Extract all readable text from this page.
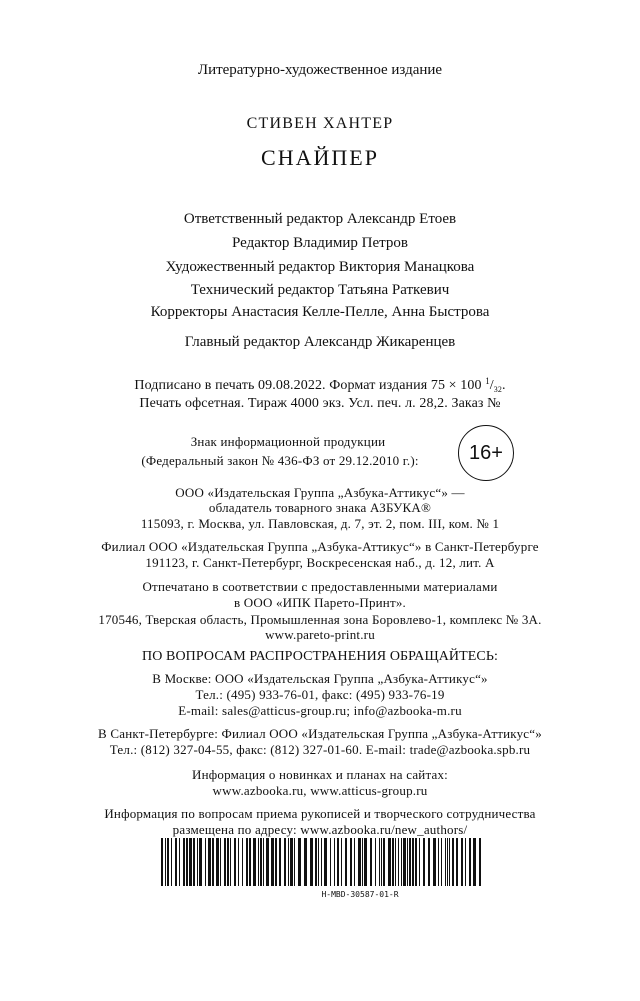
Литературно-художественное издание
СТИВЕН ХАНТЕР
СНАЙПЕР
Ответственный редактор Александр Етоев
Редактор Владимир Петров
Художественный редактор Виктория Манацкова
Технический редактор Татьяна Раткевич
Корректоры Анастасия Келле-Пелле, Анна Быстрова
Главный редактор Александр Жикаренцев
Подписано в печать 09.08.2022. Формат издания 75 × 100 $^1/_{32}$.
Печать офсетная. Тираж 4000 экз. Усл. печ. л. 28,2. Заказ №
Знак информационной продукции
(Федеральный закон № 436-ФЗ от 29.12.2010 г.):	16+
ООО «Издательская Группа „Азбука-Аттикус“» —
обладатель товарного знака АЗБУКА®
115093, г. Москва, ул. Павловская, д. 7, эт. 2, пом. III, ком. № 1
Филиал ООО «Издательская Группа „Азбука-Аттикус“» в Санкт-Петербурге
191123, г. Санкт-Петербург, Воскресенская наб., д. 12, лит. А
Отпечатано в соответствии с предоставленными материалами
в ООО «ИПК Парето-Принт».
170546, Тверская область, Промышленная зона Боровлево-1, комплекс № 3А.
www.pareto-print.ru
ПО ВОПРОСАМ РАСПРОСТРАНЕНИЯ ОБРАЩАЙТЕСЬ:
В Москве: ООО «Издательская Группа „Азбука-Аттикус“»
Тел.: (495) 933-76-01, факс: (495) 933-76-19
E-mail: sales@atticus-group.ru; info@azbooka-m.ru
В Санкт-Петербурге: Филиал ООО «Издательская Группа „Азбука-Аттикус“»
Тел.: (812) 327-04-55, факс: (812) 327-01-60. E-mail: trade@azbooka.spb.ru
Информация о новинках и планах на сайтах:
www.azbooka.ru, www.atticus-group.ru
Информация по вопросам приема рукописей и творческого сотрудничества
размещена по адресу: www.azbooka.ru/new_authors/
Н-МВD-30587-01-R
